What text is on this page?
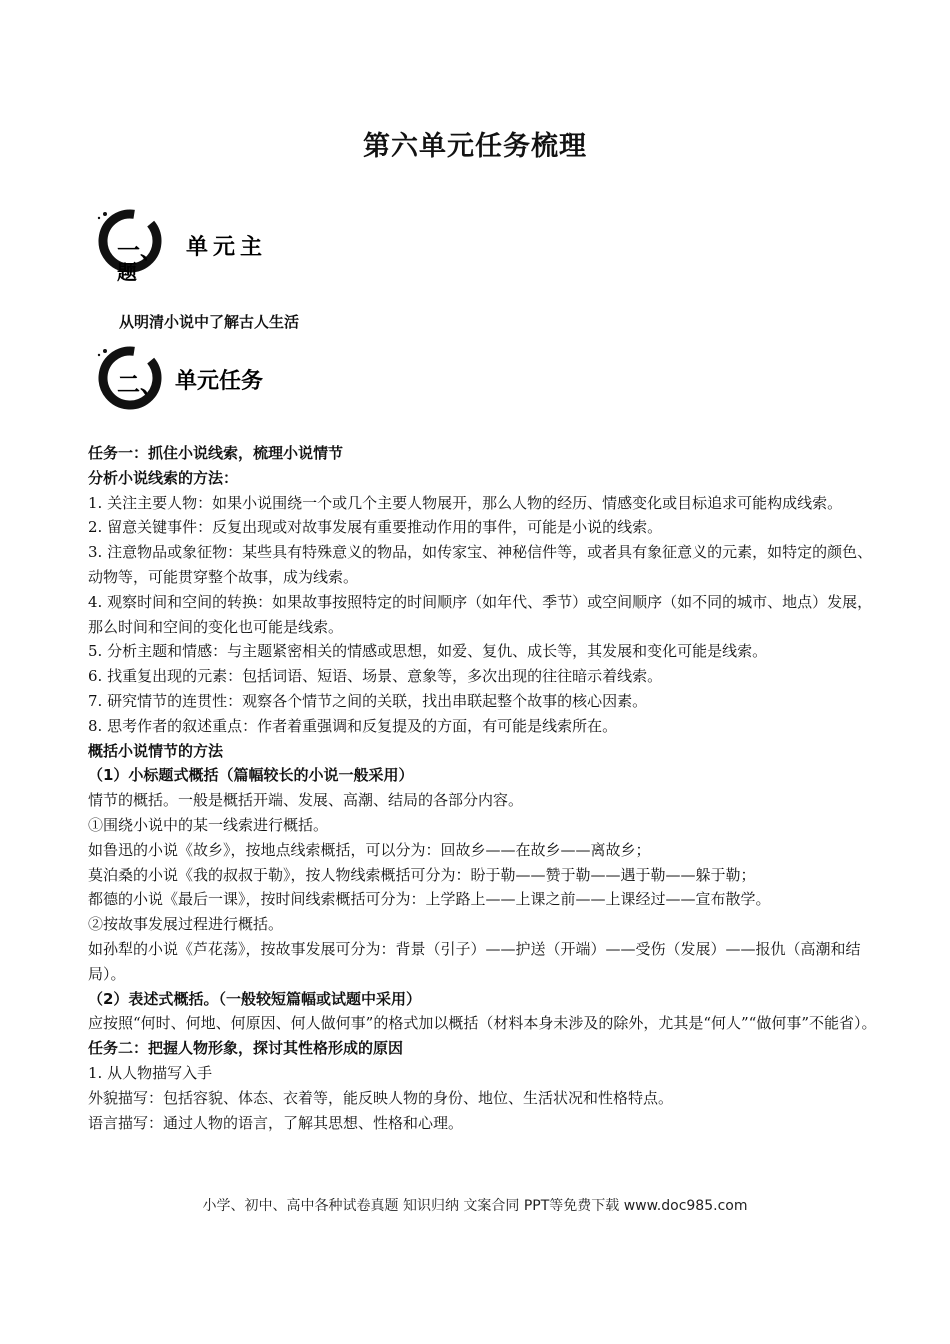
第六单元任务梳理
一、 单元主
题
从明清小说中了解古人生活
二、 单元任务

任务一：抓住小说线索，梳理小说情节

分析小说线索的方法：

1. 关注主要人物：如果小说围绕一个或几个主要人物展开，那么人物的经历、情感变化或目标追求可能构成线索。

2. 留意关键事件：反复出现或对故事发展有重要推动作用的事件，可能是小说的线索。

3. 注意物品或象征物：某些具有特殊意义的物品，如传家宝、神秘信件等，或者具有象征意义的元素，如特定的颜色、动物等，可能贯穿整个故事，成为线索。

4. 观察时间和空间的转换：如果故事按照特定的时间顺序（如年代、季节）或空间顺序（如不同的城市、地点）发展，那么时间和空间的变化也可能是线索。

5. 分析主题和情感：与主题紧密相关的情感或思想，如爱、复仇、成长等，其发展和变化可能是线索。

6. 找重复出现的元素：包括词语、短语、场景、意象等，多次出现的往往暗示着线索。

7. 研究情节的连贯性：观察各个情节之间的关联，找出串联起整个故事的核心因素。

8. 思考作者的叙述重点：作者着重强调和反复提及的方面，有可能是线索所在。

概括小说情节的方法

（1）小标题式概括（篇幅较长的小说一般采用）

情节的概括。一般是概括开端、发展、高潮、结局的各部分内容。

①围绕小说中的某一线索进行概括。

如鲁迅的小说《故乡》，按地点线索概括，可以分为：回故乡——在故乡——离故乡；

莫泊桑的小说《我的叔叔于勒》，按人物线索概括可分为：盼于勒——赞于勒——遇于勒——躲于勒；

都德的小说《最后一课》，按时间线索概括可分为：上学路上——上课之前——上课经过——宣布散学。

②按故事发展过程进行概括。

如孙犁的小说《芦花荡》，按故事发展可分为：背景（引子）——护送（开端）——受伤（发展）——报仇（高潮和结局）。

（2）表述式概括。（一般较短篇幅或试题中采用）

应按照“何时、何地、何原因、何人做何事”的格式加以概括（材料本身未涉及的除外，尤其是“何人”“做何事”不能省）。

任务二：把握人物形象，探讨其性格形成的原因

1. 从人物描写入手

外貌描写：包括容貌、体态、衣着等，能反映人物的身份、地位、生活状况和性格特点。

语言描写：通过人物的语言，了解其思想、性格和心理。

小学、初中、高中各种试卷真题 知识归纳 文案合同 PPT等免费下载 www.doc985.com
